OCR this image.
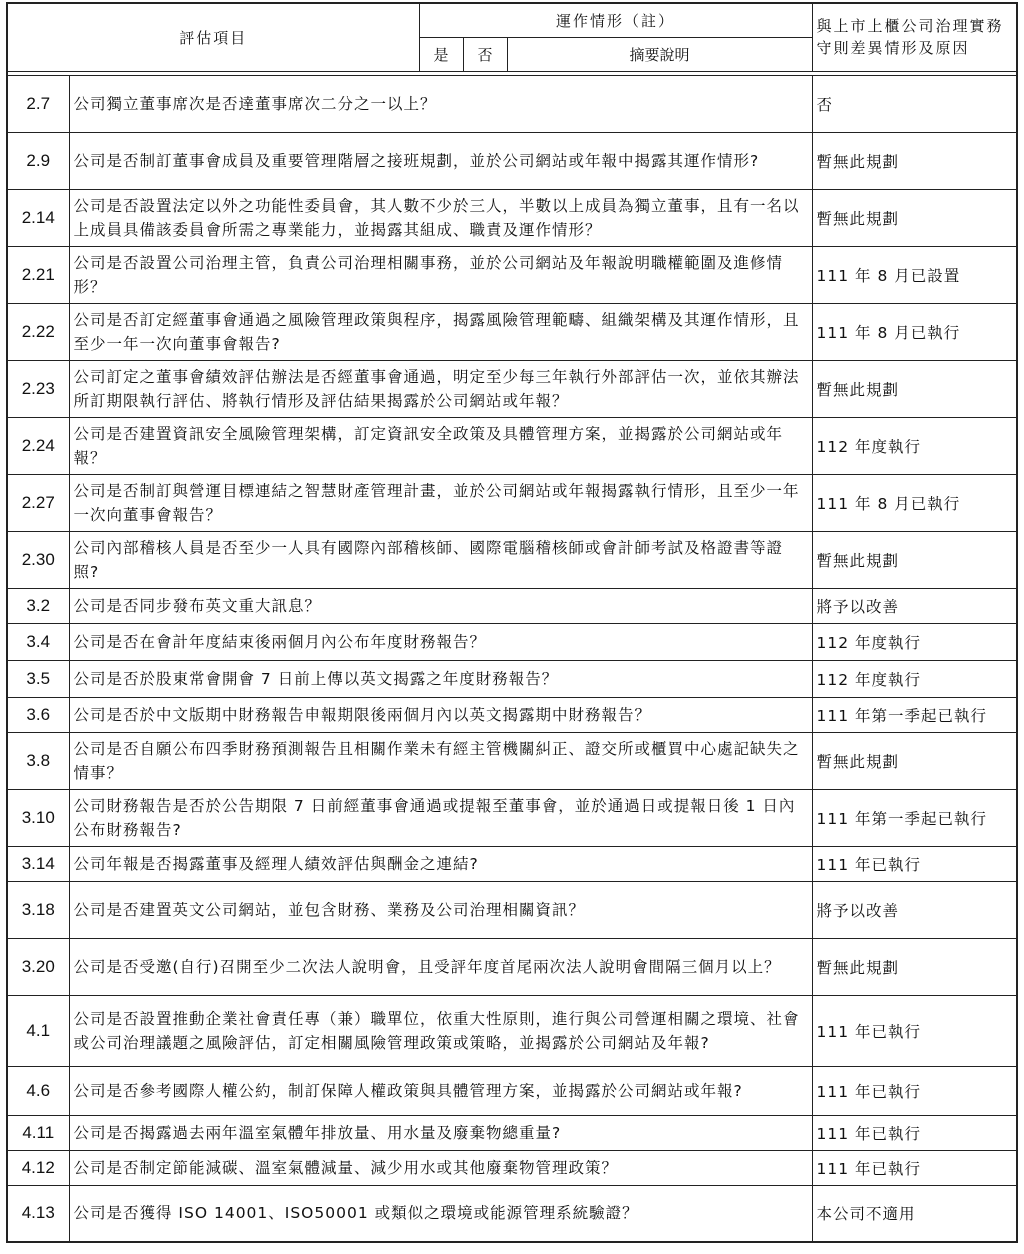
評估項目		運作情形（註）			與上市上櫃公司治理實務守則差異情形及原因
		是	否	摘要說明	

2.7	公司獨立董事席次是否達董事席次二分之一以上？				否
2.9	公司是否制訂董事會成員及重要管理階層之接班規劃，並於公司網站或年報中揭露其運作情形?				暫無此規劃
2.14	公司是否設置法定以外之功能性委員會，其人數不少於三人，半數以上成員為獨立董事，且有一名以上成員具備該委員會所需之專業能力，並揭露其組成、職責及運作情形？				暫無此規劃
2.21	公司是否設置公司治理主管，負責公司治理相關事務，並於公司網站及年報說明職權範圍及進修情形？				111 年 8 月已設置
2.22	公司是否訂定經董事會通過之風險管理政策與程序，揭露風險管理範疇、組織架構及其運作情形，且至少一年一次向董事會報告?				111 年 8 月已執行
2.23	公司訂定之董事會績效評估辦法是否經董事會通過，明定至少每三年執行外部評估一次，並依其辦法所訂期限執行評估、將執行情形及評估結果揭露於公司網站或年報？				暫無此規劃
2.24	公司是否建置資訊安全風險管理架構，訂定資訊安全政策及具體管理方案，並揭露於公司網站或年報？				112 年度執行
2.27	公司是否制訂與營運目標連結之智慧財產管理計畫，並於公司網站或年報揭露執行情形，且至少一年一次向董事會報告？				111 年 8 月已執行
2.30	公司內部稽核人員是否至少一人具有國際內部稽核師、國際電腦稽核師或會計師考試及格證書等證照?				暫無此規劃
3.2	公司是否同步發布英文重大訊息？				將予以改善
3.4	公司是否在會計年度結束後兩個月內公布年度財務報告？				112 年度執行
3.5	公司是否於股東常會開會 7 日前上傳以英文揭露之年度財務報告？				112 年度執行
3.6	公司是否於中文版期中財務報告申報期限後兩個月內以英文揭露期中財務報告？				111 年第一季起已執行
3.8	公司是否自願公布四季財務預測報告且相關作業未有經主管機關糾正、證交所或櫃買中心處記缺失之情事？				暫無此規劃
3.10	公司財務報告是否於公告期限 7 日前經董事會通過或提報至董事會，並於通過日或提報日後 1 日內公布財務報告?				111 年第一季起已執行
3.14	公司年報是否揭露董事及經理人績效評估與酬金之連結?				111 年已執行
3.18	公司是否建置英文公司網站，並包含財務、業務及公司治理相關資訊？				將予以改善
3.20	公司是否受邀(自行)召開至少二次法人說明會，且受評年度首尾兩次法人說明會間隔三個月以上？				暫無此規劃
4.1	公司是否設置推動企業社會責任專（兼）職單位，依重大性原則，進行與公司營運相關之環境、社會或公司治理議題之風險評估，訂定相關風險管理政策或策略，並揭露於公司網站及年報?				111 年已執行
4.6	公司是否參考國際人權公約，制訂保障人權政策與具體管理方案，並揭露於公司網站或年報?				111 年已執行
4.11	公司是否揭露過去兩年溫室氣體年排放量、用水量及廢棄物總重量?				111 年已執行
4.12	公司是否制定節能減碳、溫室氣體減量、減少用水或其他廢棄物管理政策？				111 年已執行
4.13	公司是否獲得 ISO 14001、ISO50001 或類似之環境或能源管理系統驗證？				本公司不適用
